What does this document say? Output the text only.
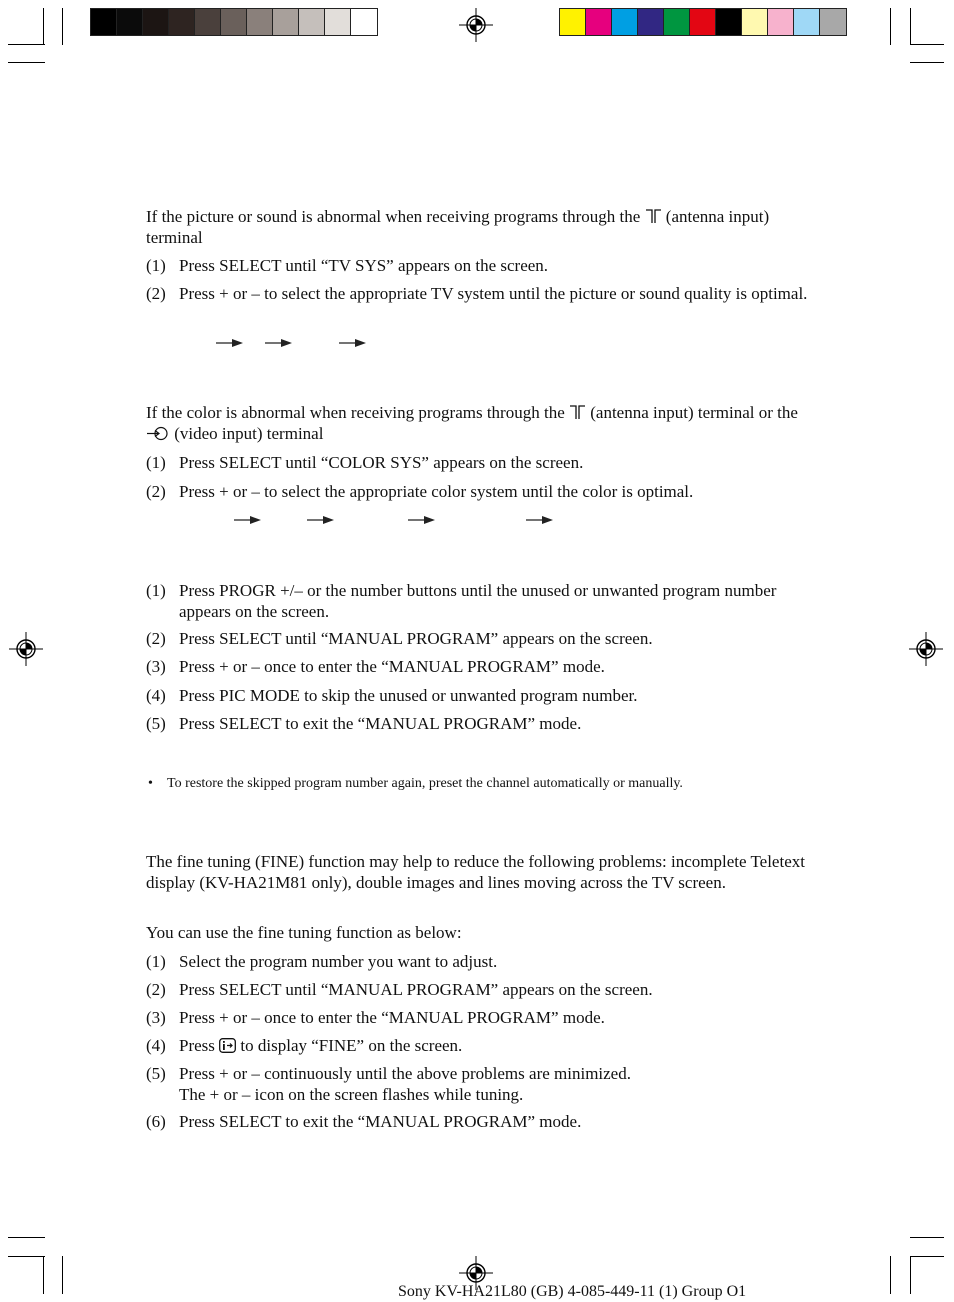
If the picture or sound is abnormal when receiving programs through the (antenna input) terminal
(1) Press SELECT until “TV SYS” appears on the screen.
(2) Press + or – to select the appropriate TV system until the picture or sound quality is optimal.
If the color is abnormal when receiving programs through the (antenna input) terminal or the  (video input) terminal
(1) Press SELECT until “COLOR SYS” appears on the screen.
(2) Press + or – to select the appropriate color system until the color is optimal.
(1) Press PROGR +/– or the number buttons until the unused or unwanted program number appears on the screen.
(2) Press SELECT until “MANUAL PROGRAM” appears on the screen.
(3) Press + or – once to enter the “MANUAL PROGRAM” mode.
(4) Press PIC MODE to skip the unused or unwanted program number.
(5) Press SELECT to exit the “MANUAL PROGRAM” mode.
• To restore the skipped program number again, preset the channel automatically or manually.
The fine tuning (FINE) function may help to reduce the following problems: incomplete Teletext display (KV-HA21M81 only), double images and lines moving across the TV screen.
You can use the fine tuning function as below:
(1) Select the program number you want to adjust.
(2) Press SELECT until “MANUAL PROGRAM” appears on the screen.
(3) Press + or – once to enter the “MANUAL PROGRAM” mode.
(4) Press to display “FINE” on the screen.
(5) Press + or – continuously until the above problems are minimized.
The + or – icon on the screen flashes while tuning.
(6) Press SELECT to exit the “MANUAL PROGRAM” mode.
Sony KV-HA21L80 (GB) 4-085-449-11 (1) Group O1
